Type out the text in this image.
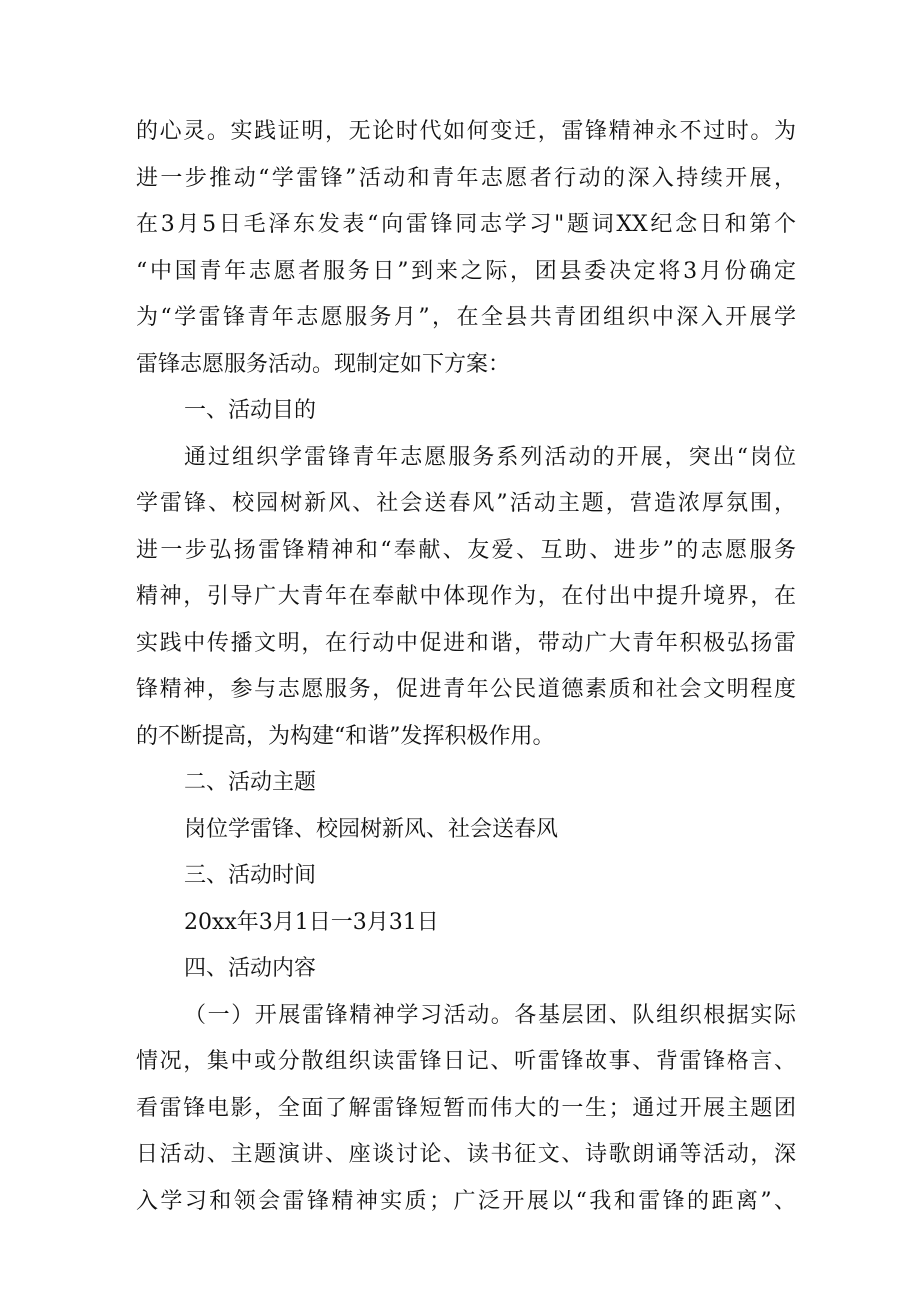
的心灵。实践证明，无论时代如何变迁，雷锋精神永不过时。为
进一步推动“学雷锋”活动和青年志愿者行动的深入持续开展，
在3月5日毛泽东发表“向雷锋同志学习"题词XX纪念日和第个
“中国青年志愿者服务日”到来之际，团县委决定将3月份确定
为“学雷锋青年志愿服务月”，在全县共青团组织中深入开展学
雷锋志愿服务活动。现制定如下方案：
一、活动目的
通过组织学雷锋青年志愿服务系列活动的开展，突出“岗位
学雷锋、校园树新风、社会送春风”活动主题，营造浓厚氛围，
进一步弘扬雷锋精神和“奉献、友爱、互助、进步”的志愿服务
精神，引导广大青年在奉献中体现作为，在付出中提升境界，在
实践中传播文明，在行动中促进和谐，带动广大青年积极弘扬雷
锋精神，参与志愿服务，促进青年公民道德素质和社会文明程度
的不断提高，为构建“和谐”发挥积极作用。
二、活动主题
岗位学雷锋、校园树新风、社会送春风
三、活动时间
20xx年3月1日一3月31日
四、活动内容
（一）开展雷锋精神学习活动。各基层团、队组织根据实际
情况，集中或分散组织读雷锋日记、听雷锋故事、背雷锋格言、
看雷锋电影，全面了解雷锋短暂而伟大的一生；通过开展主题团
日活动、主题演讲、座谈讨论、读书征文、诗歌朗诵等活动，深
入学习和领会雷锋精神实质；广泛开展以“我和雷锋的距离”、
